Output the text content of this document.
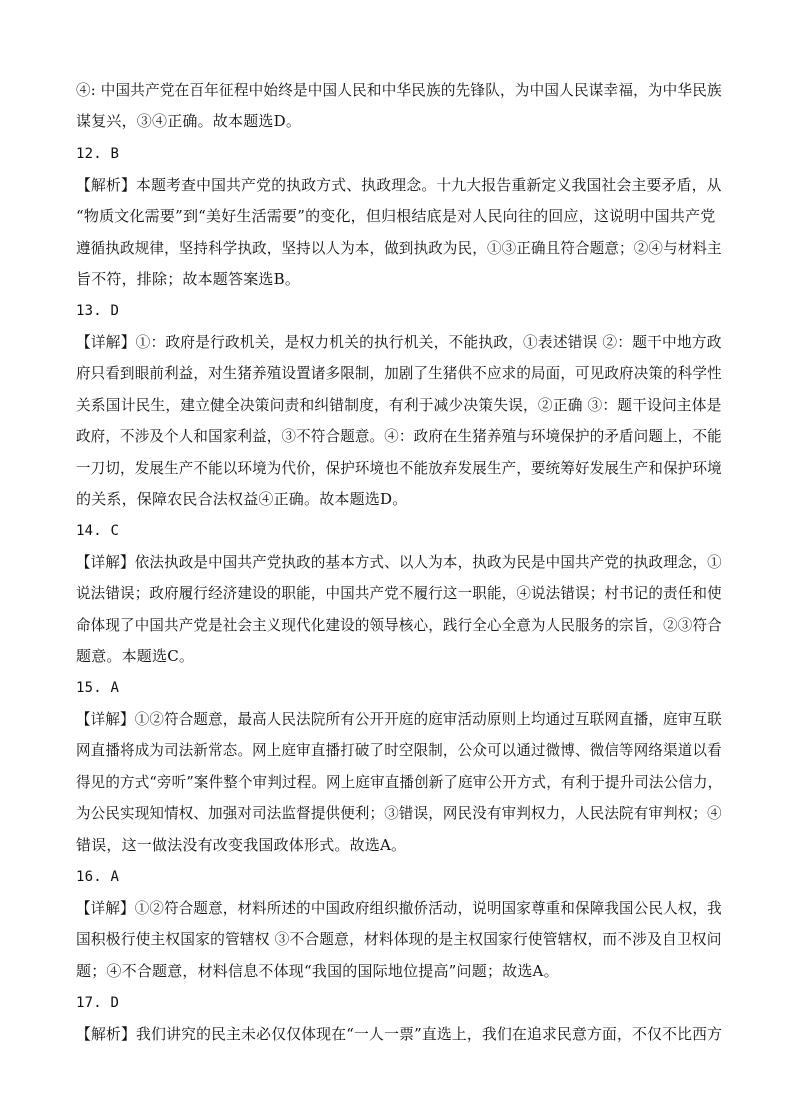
④: 中国共产党在百年征程中始终是中国人民和中华民族的先锋队，为中国人民谋幸福，为中华民族
谋复兴，③④正确。故本题选D。
12. B
【解析】本题考查中国共产党的执政方式、执政理念。十九大报告重新定义我国社会主要矛盾，从
“物质文化需要”到“美好生活需要”的变化，但归根结底是对人民向往的回应，这说明中国共产党
遵循执政规律，坚持科学执政，坚持以人为本，做到执政为民，①③正确且符合题意；②④与材料主
旨不符，排除；故本题答案选B。
13. D
【详解】①：政府是行政机关，是权力机关的执行机关，不能执政，①表述错误 ②：题干中地方政
府只看到眼前利益，对生猪养殖设置诸多限制，加剧了生猪供不应求的局面，可见政府决策的科学性
关系国计民生，建立健全决策问责和纠错制度，有利于减少决策失误，②正确 ③：题干设问主体是
政府，不涉及个人和国家利益，③不符合题意。④：政府在生猪养殖与环境保护的矛盾问题上，不能
一刀切，发展生产不能以环境为代价，保护环境也不能放弃发展生产，要统筹好发展生产和保护环境
的关系，保障农民合法权益④正确。故本题选D。
14. C
【详解】依法执政是中国共产党执政的基本方式、以人为本，执政为民是中国共产党的执政理念，①
说法错误；政府履行经济建设的职能，中国共产党不履行这一职能，④说法错误；村书记的责任和使
命体现了中国共产党是社会主义现代化建设的领导核心，践行全心全意为人民服务的宗旨，②③符合
题意。本题选C。
15. A
【详解】①②符合题意，最高人民法院所有公开开庭的庭审活动原则上均通过互联网直播，庭审互联
网直播将成为司法新常态。网上庭审直播打破了时空限制，公众可以通过微博、微信等网络渠道以看
得见的方式“旁听”案件整个审判过程。网上庭审直播创新了庭审公开方式，有利于提升司法公信力，
为公民实现知情权、加强对司法监督提供便利；③错误，网民没有审判权力，人民法院有审判权；④
错误，这一做法没有改变我国政体形式。故选A。
16. A
【详解】①②符合题意，材料所述的中国政府组织撤侨活动，说明国家尊重和保障我国公民人权，我
国积极行使主权国家的管辖权 ③不合题意，材料体现的是主权国家行使管辖权，而不涉及自卫权问
题；④不合题意，材料信息不体现“我国的国际地位提高”问题；故选A。
17. D
【解析】我们讲究的民主未必仅仅体现在“一人一票”直选上，我们在追求民意方面，不仅不比西方
